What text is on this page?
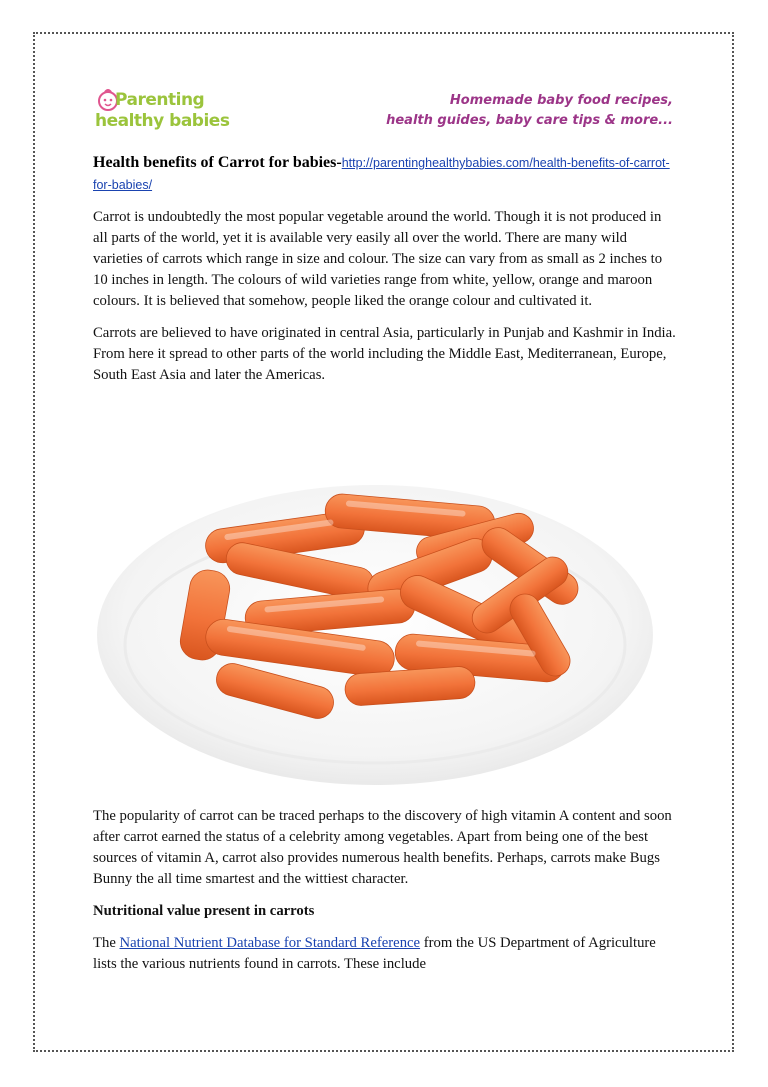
Parenting
healthy babies
Homemade baby food recipes,
health guides, baby care tips & more...
Health benefits of Carrot for babies-http://parentinghealthybabies.com/health-benefits-of-carrot-for-babies/

Carrot is undoubtedly the most popular vegetable around the world. Though it is not produced in all parts of the world, yet it is available very easily all over the world. There are many wild varieties of carrots which range in size and colour. The size can vary from as small as 2 inches to 10 inches in length. The colours of wild varieties range from white, yellow, orange and maroon colours. It is believed that somehow, people liked the orange colour and cultivated it.

Carrots are believed to have originated in central Asia, particularly in Punjab and Kashmir in India. From here it spread to other parts of the world including the Middle East, Mediterranean, Europe, South East Asia and later the Americas.

The popularity of carrot can be traced perhaps to the discovery of high vitamin A content and soon after carrot earned the status of a celebrity among vegetables. Apart from being one of the best sources of vitamin A, carrot also provides numerous health benefits. Perhaps, carrots make Bugs Bunny the all time smartest and the wittiest character.

Nutritional value present in carrots

The National Nutrient Database for Standard Reference from the US Department of Agriculture lists the various nutrients found in carrots. These include
